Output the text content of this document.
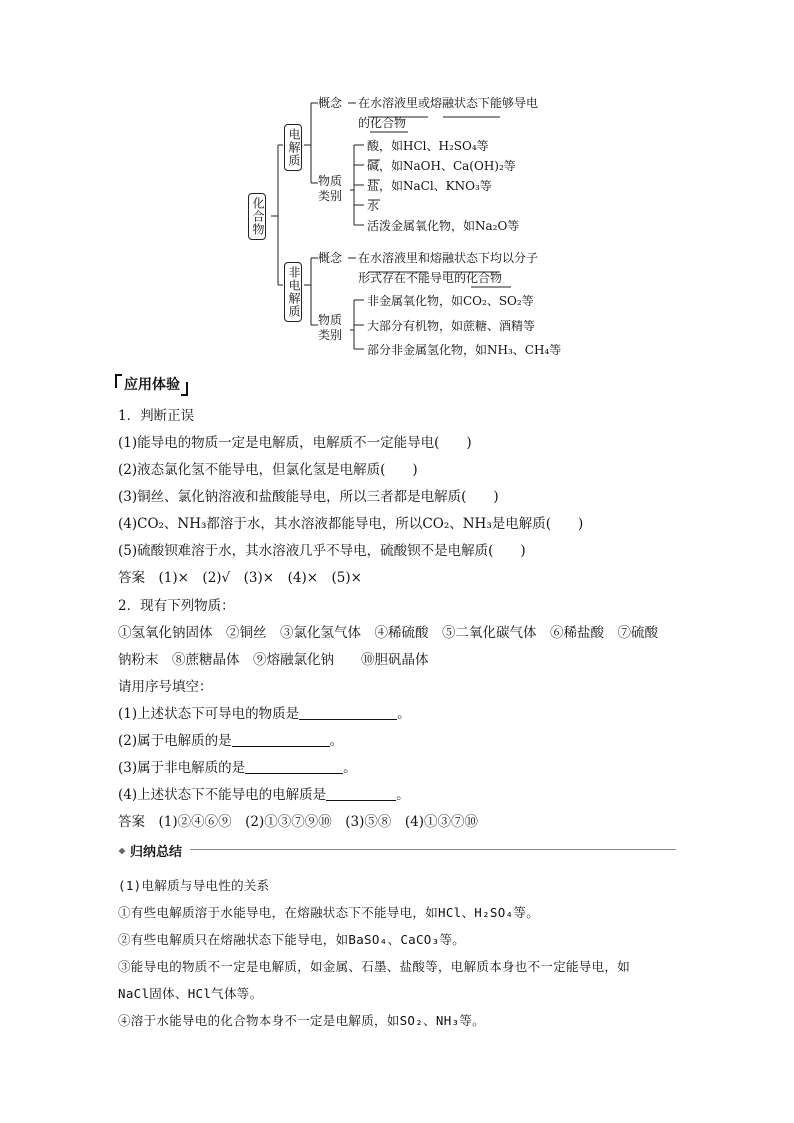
化合物
电解质
非电解质
概念 在水溶液里或熔融状态下能够导电
的化合物
物质
类别
酸，如HCl、H₂SO₄等
碱，如NaOH、Ca(OH)₂等
盐，如NaCl、KNO₃等
水
活泼金属氧化物，如Na₂O等
概念 在水溶液里和熔融状态下均以分子
形式存在不能导电的化合物
物质
类别
非金属氧化物，如CO₂、SO₂等
大部分有机物，如蔗糖、酒精等
部分非金属氢化物，如NH₃、CH₄等
应用体验
1．判断正误
(1)能导电的物质一定是电解质，电解质不一定能导电(　　)
(2)液态氯化氢不能导电，但氯化氢是电解质(　　)
(3)铜丝、氯化钠溶液和盐酸能导电，所以三者都是电解质(　　)
(4)CO₂、NH₃都溶于水，其水溶液都能导电，所以CO₂、NH₃是电解质(　　)
(5)硫酸钡难溶于水，其水溶液几乎不导电，硫酸钡不是电解质(　　)
答案　(1)×　(2)√　(3)×　(4)×　(5)×
2．现有下列物质：
①氢氧化钠固体　②铜丝　③氯化氢气体　④稀硫酸　⑤二氧化碳气体　⑥稀盐酸　⑦硫酸
钠粉末　⑧蔗糖晶体　⑨熔融氯化钠　　⑩胆矾晶体
请用序号填空：
(1)上述状态下可导电的物质是	。
(2)属于电解质的是	。
(3)属于非电解质的是	。
(4)上述状态下不能导电的电解质是	。
答案　(1)②④⑥⑨　(2)①③⑦⑨⑩　(3)⑤⑧　(4)①③⑦⑩
归纳总结
(1)电解质与导电性的关系
①有些电解质溶于水能导电，在熔融状态下不能导电，如HCl、H₂SO₄等。
②有些电解质只在熔融状态下能导电，如BaSO₄、CaCO₃等。
③能导电的物质不一定是电解质，如金属、石墨、盐酸等，电解质本身也不一定能导电，如
NaCl固体、HCl气体等。
④溶于水能导电的化合物本身不一定是电解质，如SO₂、NH₃等。
